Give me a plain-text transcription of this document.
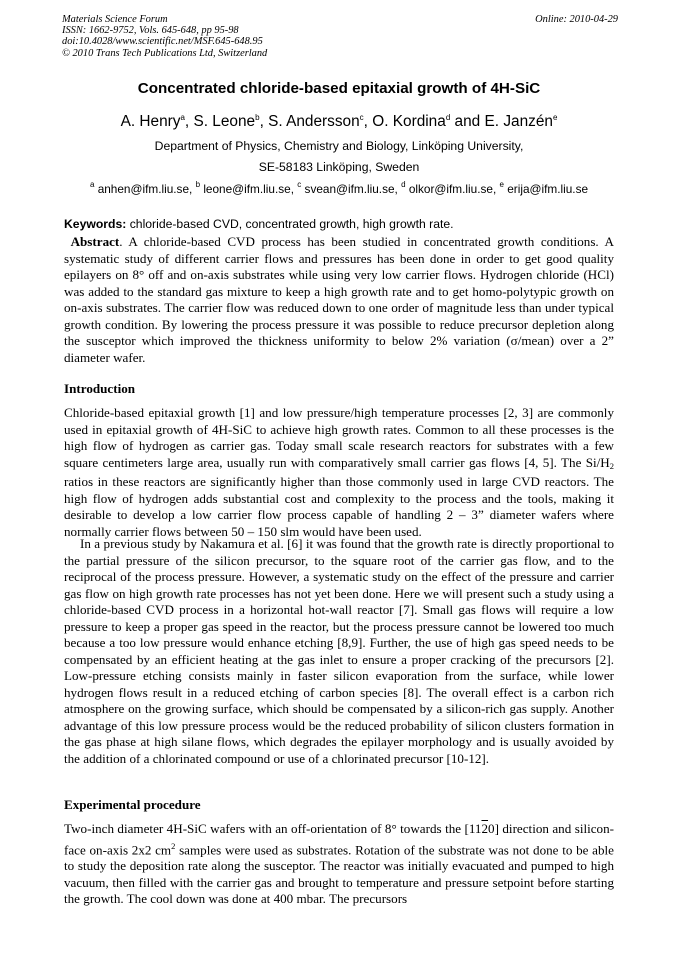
Materials Science Forum
ISSN: 1662-9752, Vols. 645-648, pp 95-98
doi:10.4028/www.scientific.net/MSF.645-648.95
© 2010 Trans Tech Publications Ltd, Switzerland
Online: 2010-04-29
Concentrated chloride-based epitaxial growth of 4H-SiC
A. Henry$^a$, S. Leone$^b$, S. Andersson$^c$, O. Kordina$^d$ and E. Janzén$^e$
Department of Physics, Chemistry and Biology, Linköping University,
SE-58183 Linköping, Sweden
$^a$ anhen@ifm.liu.se, $^b$ leone@ifm.liu.se, $^c$ svean@ifm.liu.se, $^d$ olkor@ifm.liu.se, $^e$ erija@ifm.liu.se
Keywords: chloride-based CVD, concentrated growth, high growth rate.
Abstract. A chloride-based CVD process has been studied in concentrated growth conditions. A systematic study of different carrier flows and pressures has been done in order to get good quality epilayers on 8° off and on-axis substrates while using very low carrier flows. Hydrogen chloride (HCl) was added to the standard gas mixture to keep a high growth rate and to get homo-polytypic growth on on-axis substrates. The carrier flow was reduced down to one order of magnitude less than under typical growth condition. By lowering the process pressure it was possible to reduce precursor depletion along the susceptor which improved the thickness uniformity to below 2% variation (σ/mean) over a 2” diameter wafer.
Introduction
Chloride-based epitaxial growth [1] and low pressure/high temperature processes [2, 3] are commonly used in epitaxial growth of 4H-SiC to achieve high growth rates. Common to all these processes is the high flow of hydrogen as carrier gas. Today small scale research reactors for substrates with a few square centimeters large area, usually run with comparatively small carrier gas flows [4, 5]. The $Si/H_2$ ratios in these reactors are significantly higher than those commonly used in large CVD reactors. The high flow of hydrogen adds substantial cost and complexity to the process and the tools, making it desirable to develop a low carrier flow process capable of handling 2 – 3” diameter wafers where normally carrier flows between 50 – 150 slm would have been used.
In a previous study by Nakamura et al. [6] it was found that the growth rate is directly proportional to the partial pressure of the silicon precursor, to the square root of the carrier gas flow, and to the reciprocal of the process pressure. However, a systematic study on the effect of the pressure and carrier gas flow on high growth rate processes has not yet been done. Here we will present such a study using a chloride-based CVD process in a horizontal hot-wall reactor [7]. Small gas flows will require a low pressure to keep a proper gas speed in the reactor, but the process pressure cannot be lowered too much because a too low pressure would enhance etching [8,9]. Further, the use of high gas speed needs to be compensated by an efficient heating at the gas inlet to ensure a proper cracking of the precursors [2]. Low-pressure etching consists mainly in faster silicon evaporation from the surface, while lower hydrogen flows result in a reduced etching of carbon species [8]. The overall effect is a carbon rich atmosphere on the growing surface, which should be compensated by a silicon-rich gas supply. Another advantage of this low pressure process would be the reduced probability of silicon clusters formation in the gas phase at high silane flows, which degrades the epilayer morphology and is usually avoided by the addition of a chlorinated compound or use of a chlorinated precursor [10-12].
Experimental procedure
Two-inch diameter 4H-SiC wafers with an off-orientation of 8° towards the [1120] direction and silicon-face on-axis 2x2 $cm^2$ samples were used as substrates. Rotation of the substrate was not done to be able to study the deposition rate along the susceptor. The reactor was initially evacuated and pumped to high vacuum, then filled with the carrier gas and brought to temperature and pressure setpoint before starting the growth. The cool down was done at 400 mbar. The precursors
